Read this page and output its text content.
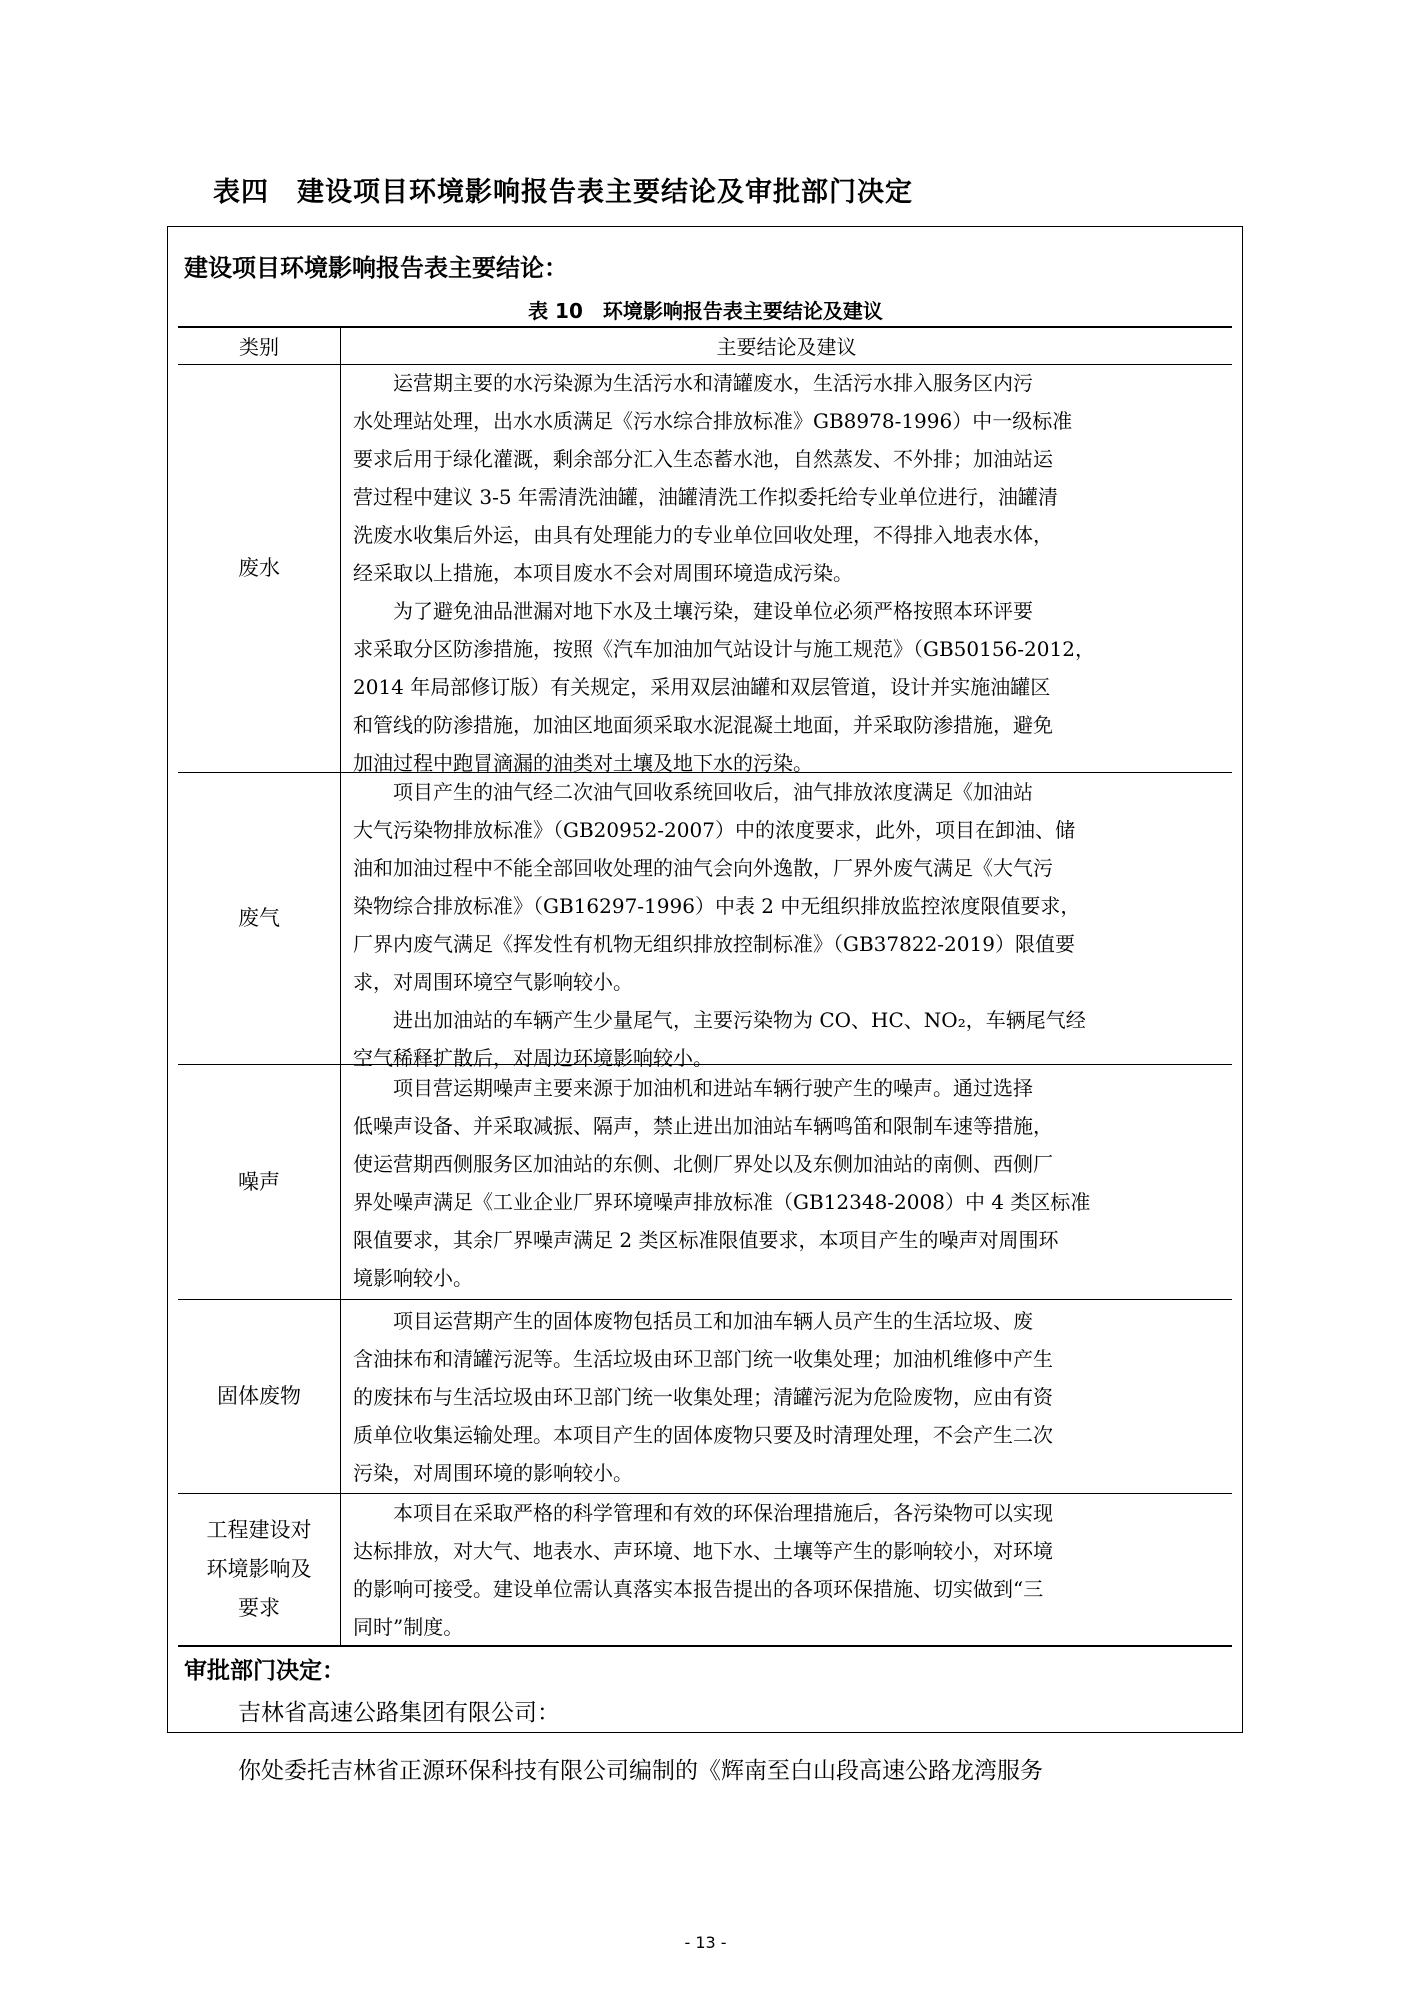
表四　建设项目环境影响报告表主要结论及审批部门决定
建设项目环境影响报告表主要结论：
表 10　环境影响报告表主要结论及建议
类别	主要结论及建议
废水
　　运营期主要的水污染源为生活污水和清罐废水，生活污水排入服务区内污
水处理站处理，出水水质满足《污水综合排放标准》GB8978-1996）中一级标准
要求后用于绿化灌溉，剩余部分汇入生态蓄水池，自然蒸发、不外排；加油站运
营过程中建议 3-5 年需清洗油罐，油罐清洗工作拟委托给专业单位进行，油罐清
洗废水收集后外运，由具有处理能力的专业单位回收处理，不得排入地表水体，
经采取以上措施，本项目废水不会对周围环境造成污染。
　　为了避免油品泄漏对地下水及土壤污染，建设单位必须严格按照本环评要
求采取分区防渗措施，按照《汽车加油加气站设计与施工规范》（GB50156-2012，
2014 年局部修订版）有关规定，采用双层油罐和双层管道，设计并实施油罐区
和管线的防渗措施，加油区地面须采取水泥混凝土地面，并采取防渗措施，避免
加油过程中跑冒滴漏的油类对土壤及地下水的污染。
废气
　　项目产生的油气经二次油气回收系统回收后，油气排放浓度满足《加油站
大气污染物排放标准》（GB20952-2007）中的浓度要求，此外，项目在卸油、储
油和加油过程中不能全部回收处理的油气会向外逸散，厂界外废气满足《大气污
染物综合排放标准》（GB16297-1996）中表 2 中无组织排放监控浓度限值要求，
厂界内废气满足《挥发性有机物无组织排放控制标准》（GB37822-2019）限值要
求，对周围环境空气影响较小。
　　进出加油站的车辆产生少量尾气，主要污染物为 CO、HC、NO₂，车辆尾气经
空气稀释扩散后，对周边环境影响较小。
噪声
　　项目营运期噪声主要来源于加油机和进站车辆行驶产生的噪声。通过选择
低噪声设备、并采取减振、隔声，禁止进出加油站车辆鸣笛和限制车速等措施，
使运营期西侧服务区加油站的东侧、北侧厂界处以及东侧加油站的南侧、西侧厂
界处噪声满足《工业企业厂界环境噪声排放标准（GB12348-2008）中 4 类区标准
限值要求，其余厂界噪声满足 2 类区标准限值要求，本项目产生的噪声对周围环
境影响较小。
固体废物
　　项目运营期产生的固体废物包括员工和加油车辆人员产生的生活垃圾、废
含油抹布和清罐污泥等。生活垃圾由环卫部门统一收集处理；加油机维修中产生
的废抹布与生活垃圾由环卫部门统一收集处理；清罐污泥为危险废物，应由有资
质单位收集运输处理。本项目产生的固体废物只要及时清理处理，不会产生二次
污染，对周围环境的影响较小。
工程建设对
环境影响及
要求
　　本项目在采取严格的科学管理和有效的环保治理措施后，各污染物可以实现
达标排放，对大气、地表水、声环境、地下水、土壤等产生的影响较小，对环境
的影响可接受。建设单位需认真落实本报告提出的各项环保措施、切实做到“三
同时”制度。
审批部门决定：
吉林省高速公路集团有限公司：
你处委托吉林省正源环保科技有限公司编制的《辉南至白山段高速公路龙湾服务
- 13 -
